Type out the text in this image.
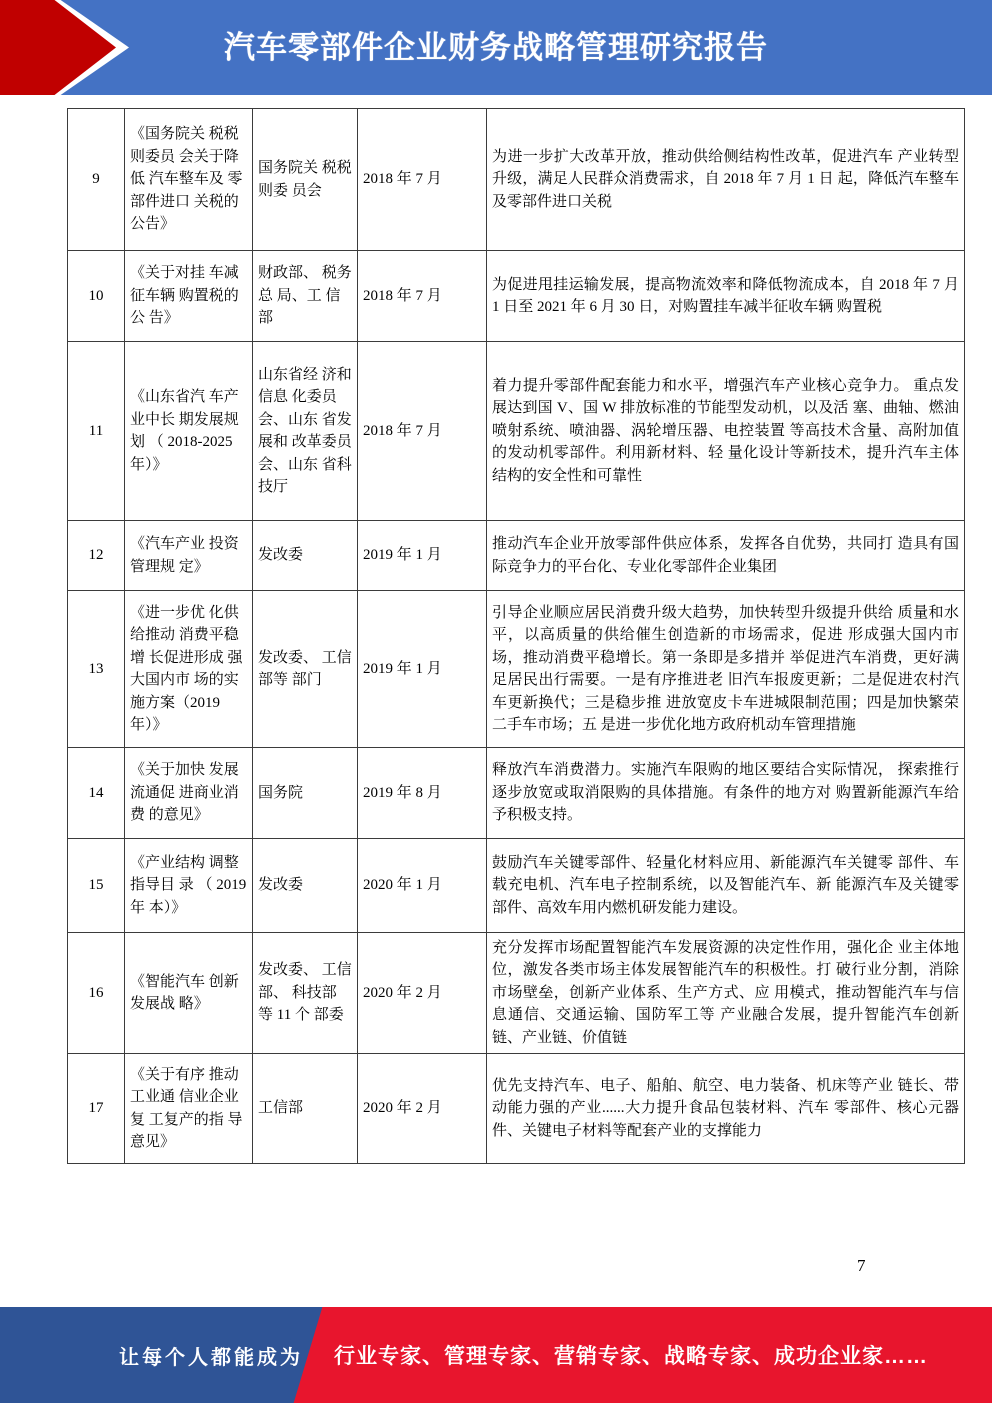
汽车零部件企业财务战略管理研究报告
9	《国务院关 税税则委员 会关于降低 汽车整车及 零部件进口 关税的公告》	国务院关 税税则委 员会	2018 年 7 月	为进一步扩大改革开放，推动供给侧结构性改革，促进汽车 产业转型升级，满足人民群众消费需求，自 2018 年 7 月 1 日 起，降低汽车整车及零部件进口关税
10	《关于对挂 车减征车辆 购置税的公 告》	财政部、 税务总 局、工 信 部	2018 年 7 月	为促进甩挂运输发展，提高物流效率和降低物流成本，自 2018 年 7 月 1 日至 2021 年 6 月 30 日，对购置挂车减半征收车辆 购置税
11	《山东省汽 车产业中长 期发展规划 （ 2018-2025 年）》	山东省经 济和信息 化委员 会、山东 省发展和 改革委员 会、山东 省科技厅	2018 年 7 月	着力提升零部件配套能力和水平，增强汽车产业核心竞争力。 重点发展达到国 V、国 W 排放标准的节能型发动机，以及活 塞、曲轴、燃油喷射系统、喷油器、涡轮增压器、电控装置 等高技术含量、高附加值的发动机零部件。利用新材料、轻 量化设计等新技术，提升汽车主体结构的安全性和可靠性
12	《汽车产业 投资管理规 定》	发改委	2019 年 1 月	推动汽车企业开放零部件供应体系，发挥各自优势，共同打 造具有国际竞争力的平台化、专业化零部件企业集团
13	《进一步优 化供给推动 消费平稳增 长促进形成 强大国内市 场的实施方案（2019 年）》	发改委、 工信部等 部门	2019 年 1 月	引导企业顺应居民消费升级大趋势，加快转型升级提升供给 质量和水平，以高质量的供给催生创造新的市场需求，促进 形成强大国内市场，推动消费平稳增长。第一条即是多措并 举促进汽车消费，更好满足居民出行需要。一是有序推进老 旧汽车报废更新；二是促进农村汽车更新换代；三是稳步推 进放宽皮卡车进城限制范围；四是加快繁荣二手车市场；五 是进一步优化地方政府机动车管理措施
14	《关于加快 发展流通促 进商业消费 的意见》	国务院	2019 年 8 月	释放汽车消费潜力。实施汽车限购的地区要结合实际情况， 探索推行逐步放宽或取消限购的具体措施。有条件的地方对 购置新能源汽车给予积极支持。
15	《产业结构 调整指导目 录 （ 2019 年 本）》	发改委	2020 年 1 月	鼓励汽车关键零部件、轻量化材料应用、新能源汽车关键零 部件、车载充电机、汽车电子控制系统，以及智能汽车、新 能源汽车及关键零部件、高效车用内燃机研发能力建设。
16	《智能汽车 创新发展战 略》	发改委、 工信部、 科技部 等 11 个 部委	2020 年 2 月	充分发挥市场配置智能汽车发展资源的决定性作用，强化企 业主体地位，激发各类市场主体发展智能汽车的积极性。打 破行业分割，消除市场壁垒，创新产业体系、生产方式、应 用模式，推动智能汽车与信息通信、交通运输、国防军工等 产业融合发展，提升智能汽车创新链、产业链、价值链
17	《关于有序 推动工业通 信业企业复 工复产的指 导意见》	工信部	2020 年 2 月	优先支持汽车、电子、船舶、航空、电力装备、机床等产业 链长、带动能力强的产业......大力提升食品包装材料、汽车 零部件、核心元器件、关键电子材料等配套产业的支撑能力
7
让每个人都能成为 行业专家、管理专家、营销专家、战略专家、成功企业家……
